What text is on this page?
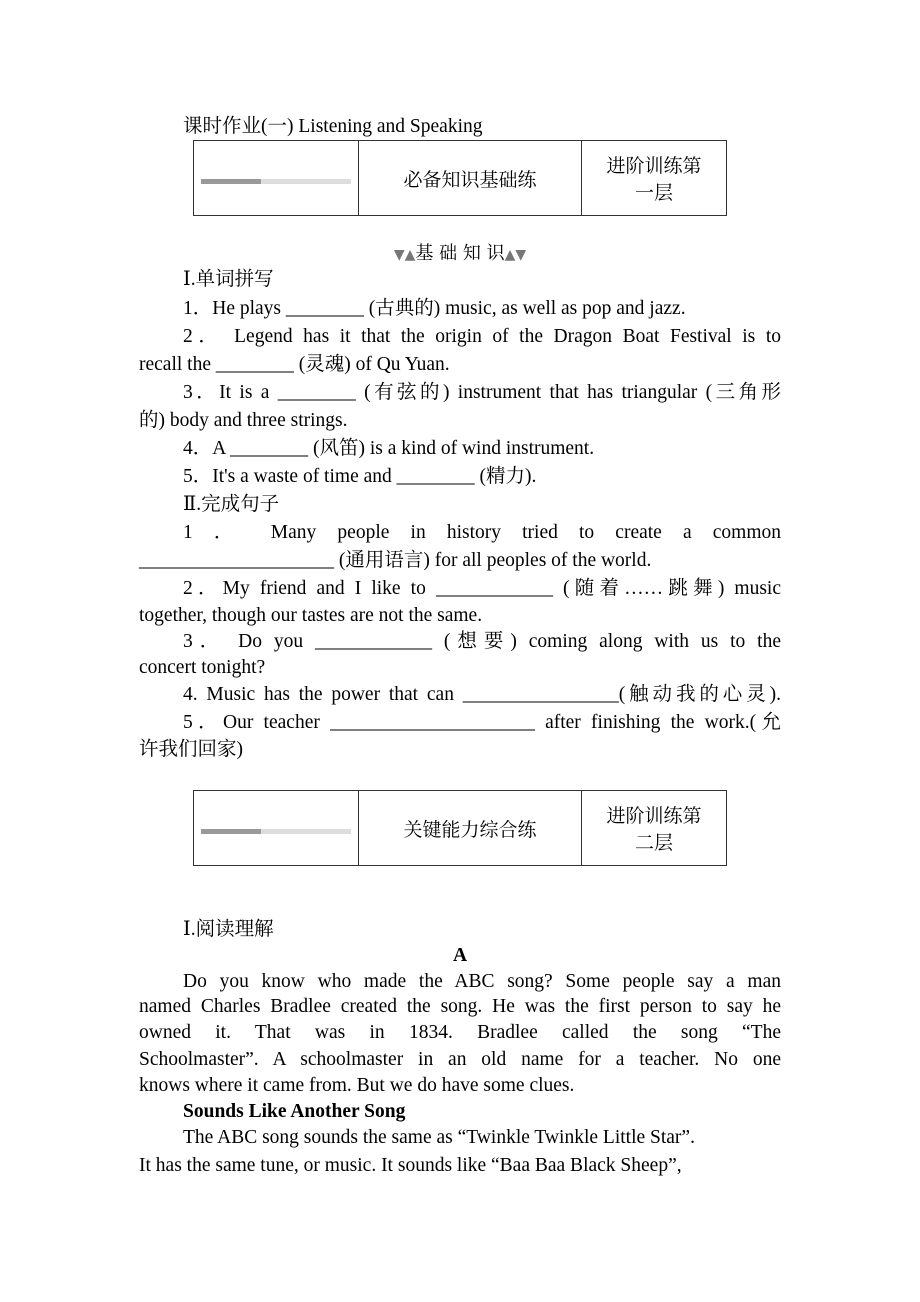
课时作业(一) Listening and Speaking
	必备知识基础练	进阶训练第
一层
▼▲基 础 知 识▲▼
Ⅰ.单词拼写
1．He plays ________ (古典的) music, as well as pop and jazz.
2． Legend has it that the origin of the Dragon Boat Festival is to
recall the ________ (灵魂) of Qu Yuan.
3．It is a ________ (有弦的) instrument that has triangular (三角形
的) body and three strings.
4．A ________ (风笛) is a kind of wind instrument.
5．It's a waste of time and ________ (精力).
Ⅱ.完成句子
1 ． Many people in history tried to create a common
____________________ (通用语言) for all peoples of the world.
2．My friend and I like to ____________ (随着……跳舞) music
together, though our tastes are not the same.
3． Do you ____________ (想要) coming along with us to the
concert tonight?
4. Music has the power that can ________________(触动我的心灵).
5．Our teacher _____________________ after finishing the work.(允
许我们回家)
	关键能力综合练	进阶训练第
二层
Ⅰ.阅读理解
A
Do you know who made the ABC song? Some people say a man
named Charles Bradlee created the song. He was the first person to say he
owned it. That was in 1834. Bradlee called the song “The
Schoolmaster”. A schoolmaster in an old name for a teacher. No one
knows where it came from. But we do have some clues.
Sounds Like Another Song
The ABC song sounds the same as “Twinkle Twinkle Little Star”.
It has the same tune, or music. It sounds like “Baa Baa Black Sheep”,
